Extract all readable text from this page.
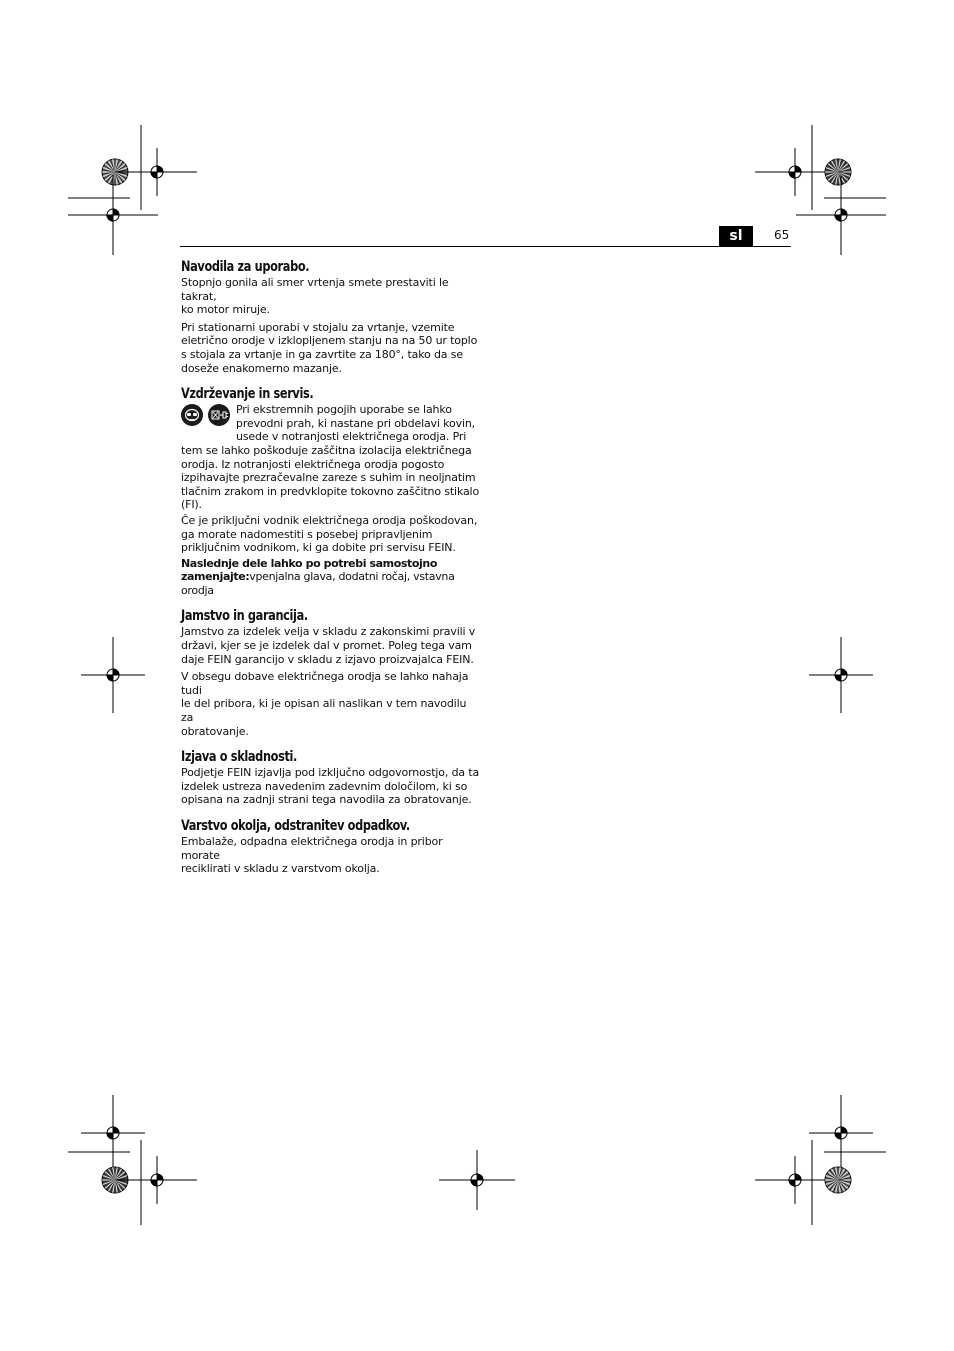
sl	65
Navodila za uporabo.

Stopnjo gonila ali smer vrtenja smete prestaviti le takrat,
ko motor miruje.

Pri stationarni uporabi v stojalu za vrtanje, vzemite
eletrično orodje v izklopljenem stanju na na 50 ur toplo
s stojala za vrtanje in ga zavrtite za 180°, tako da se
doseže enakomerno mazanje.

Vzdrževanje in servis.

Pri ekstremnih pogojih uporabe se lahko
prevodni prah, ki nastane pri obdelavi kovin,
usede v notranjosti električnega orodja. Pri

tem se lahko poškoduje zaščitna izolacija električnega
orodja. Iz notranjosti električnega orodja pogosto
izpihavajte prezračevalne zareze s suhim in neoljnatim
tlačnim zrakom in predvklopite tokovno zaščitno stikalo
(FI).

Če je priključni vodnik električnega orodja poškodovan,
ga morate nadomestiti s posebej pripravljenim
priključnim vodnikom, ki ga dobite pri servisu FEIN.

Naslednje dele lahko po potrebi samostojno
zamenjajte:vpenjalna glava, dodatni ročaj, vstavna orodja

Jamstvo in garancija.

Jamstvo za izdelek velja v skladu z zakonskimi pravili v
državi, kjer se je izdelek dal v promet. Poleg tega vam
daje FEIN garancijo v skladu z izjavo proizvajalca FEIN.

V obsegu dobave električnega orodja se lahko nahaja tudi
le del pribora, ki je opisan ali naslikan v tem navodilu za
obratovanje.

Izjava o skladnosti.

Podjetje FEIN izjavlja pod izključno odgovornostjo, da ta
izdelek ustreza navedenim zadevnim določilom, ki so
opisana na zadnji strani tega navodila za obratovanje.

Varstvo okolja, odstranitev odpadkov.

Embalaže, odpadna električnega orodja in pribor morate
reciklirati v skladu z varstvom okolja.
